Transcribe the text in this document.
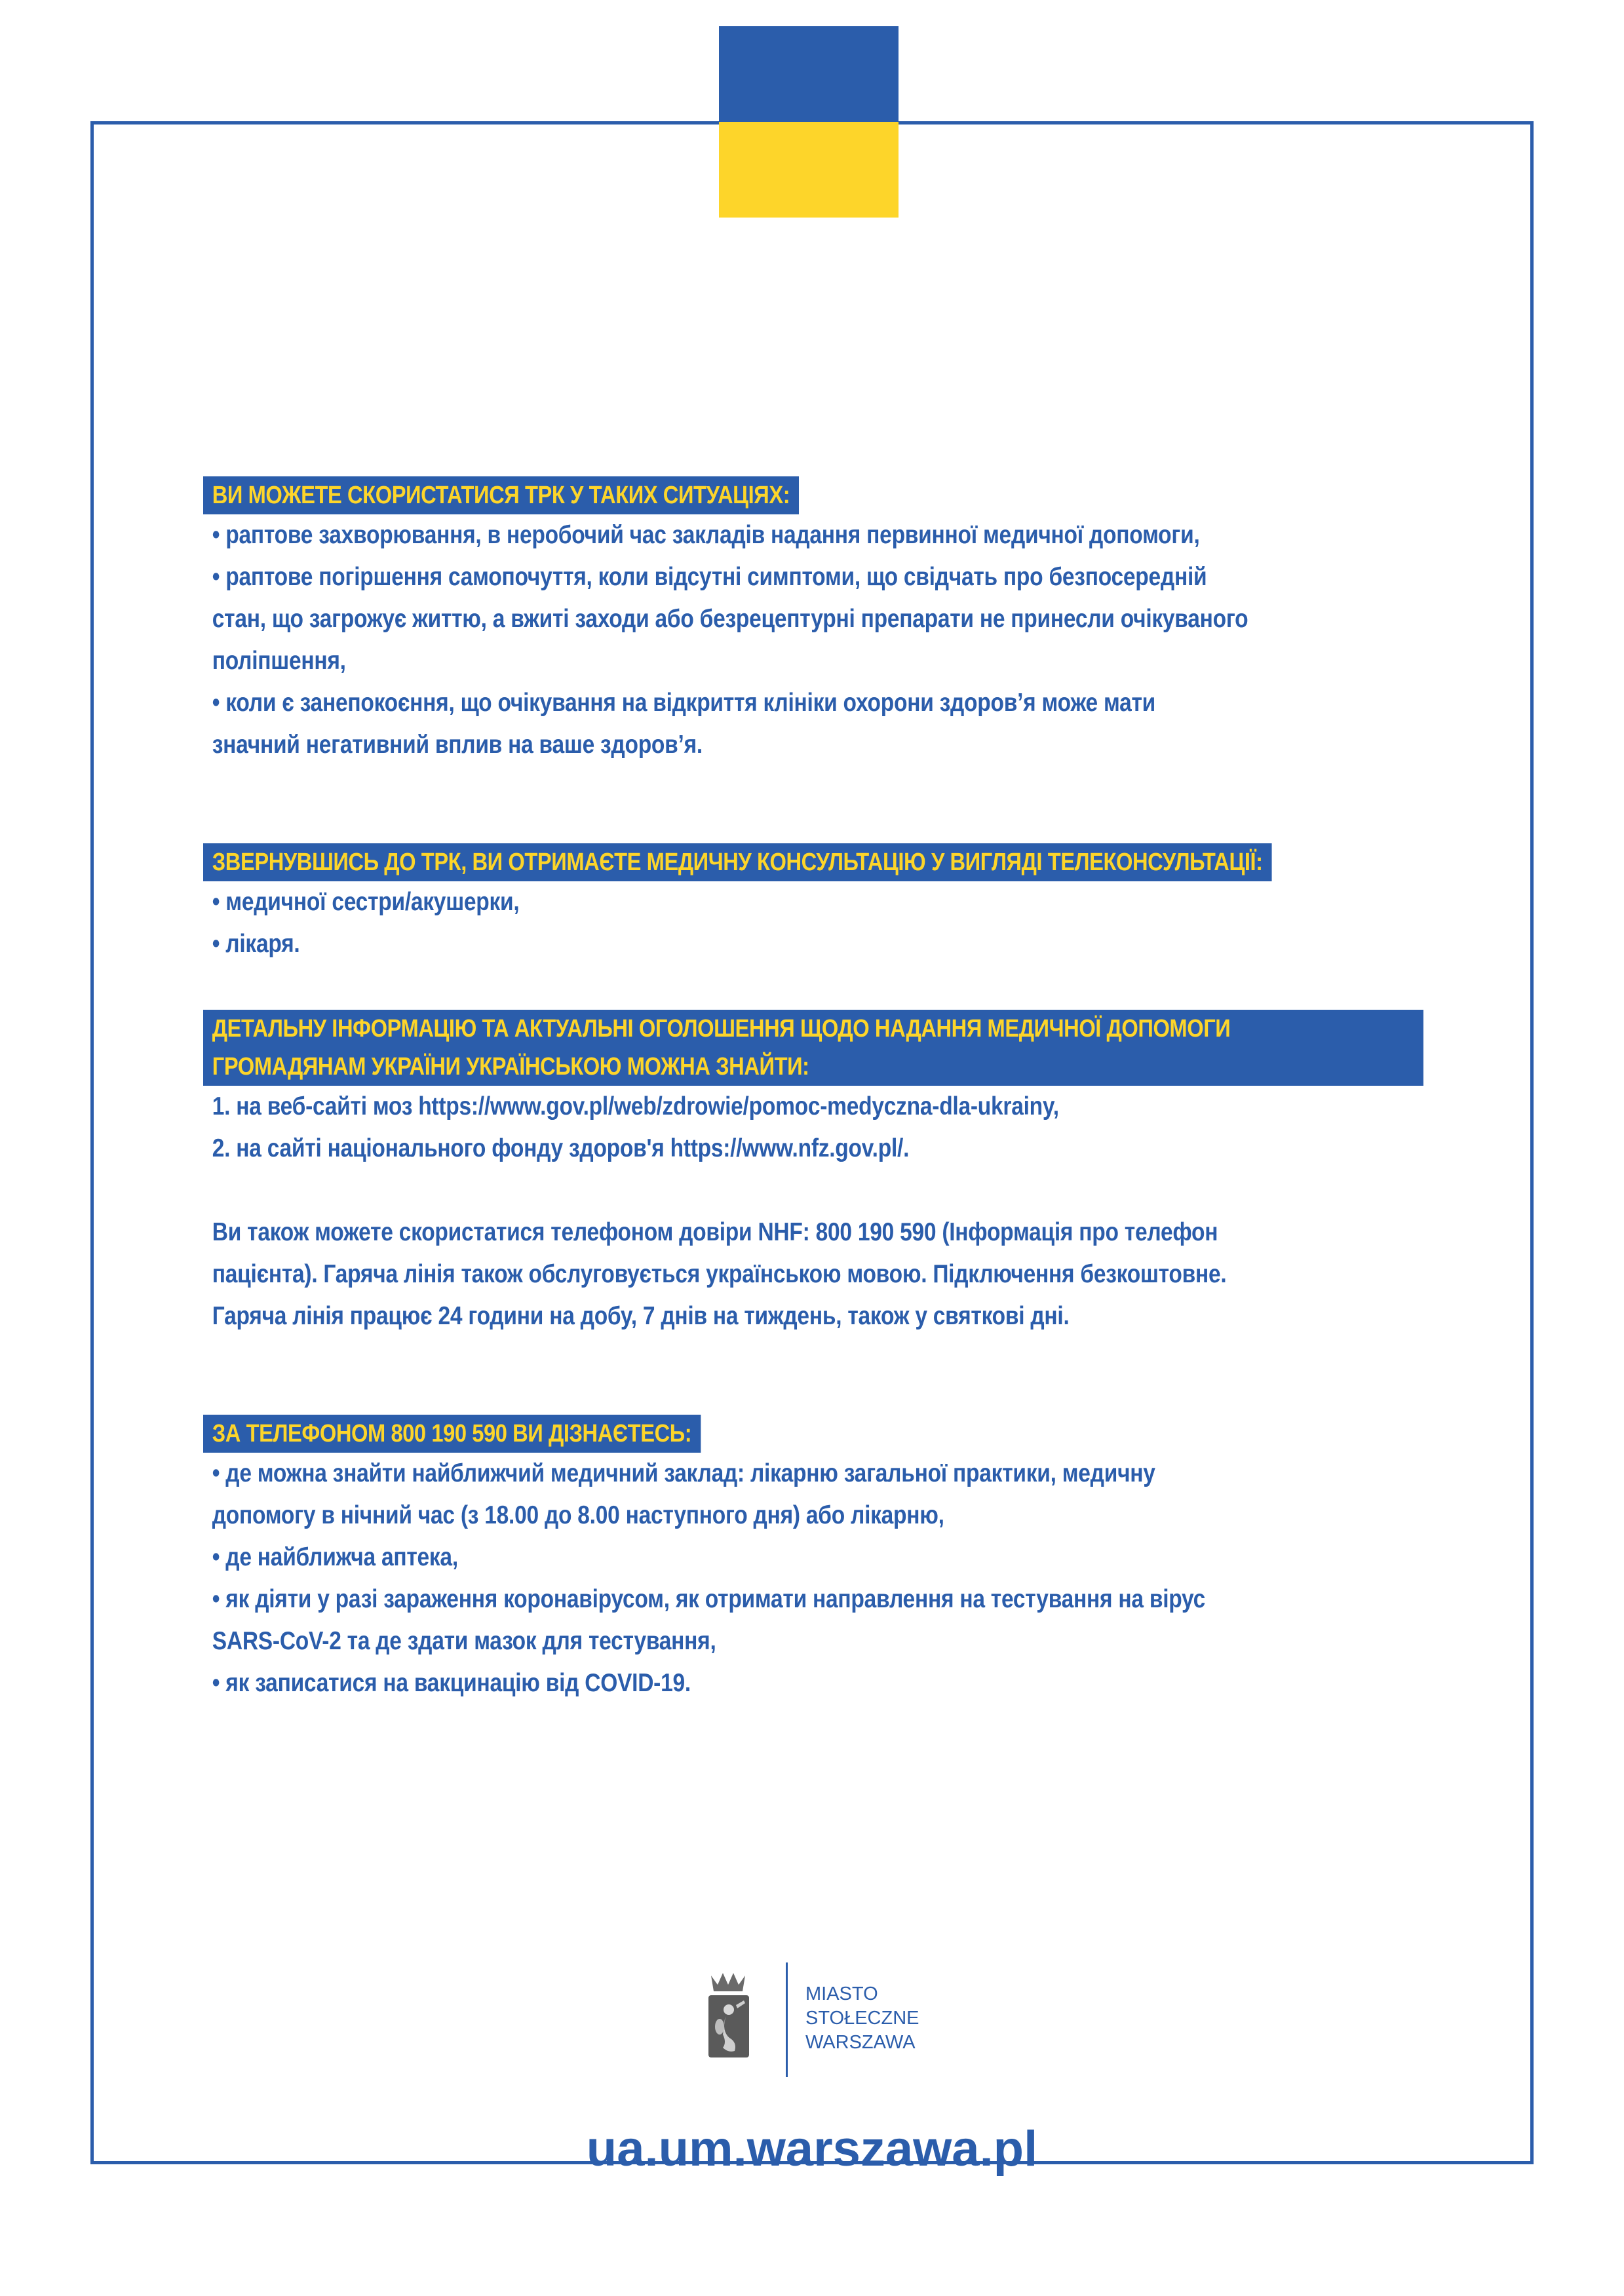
ВИ МОЖЕТЕ СКОРИСТАТИСЯ ТРК У ТАКИХ СИТУАЦІЯХ:
• раптове захворювання, в неробочий час закладів надання первинної медичної допомоги,
• раптове погіршення самопочуття, коли відсутні симптоми, що свідчать про безпосередній
стан, що загрожує життю, а вжиті заходи або безрецептурні препарати не принесли очікуваного
поліпшення,
• коли є занепокоєння, що очікування на відкриття клініки охорони здоров’я може мати
значний негативний вплив на ваше здоров’я.
ЗВЕРНУВШИСЬ ДО ТРК, ВИ ОТРИМАЄТЕ МЕДИЧНУ КОНСУЛЬТАЦІЮ У ВИГЛЯДІ ТЕЛЕКОНСУЛЬТАЦІЇ:
• медичної сестри/акушерки,
• лікаря.
ДЕТАЛЬНУ ІНФОРМАЦІЮ ТА АКТУАЛЬНІ ОГОЛОШЕННЯ ЩОДО НАДАННЯ МЕДИЧНОЇ ДОПОМОГИ
ГРОМАДЯНАМ УКРАЇНИ УКРАЇНСЬКОЮ МОЖНА ЗНАЙТИ:
1. на веб-сайті моз https://www.gov.pl/web/zdrowie/pomoc-medyczna-dla-ukrainy,
2. на сайті національного фонду здоров'я https://www.nfz.gov.pl/.
Ви також можете скористатися телефоном довіри NHF: 800 190 590 (Інформація про телефон
пацієнта). Гаряча лінія також обслуговується українською мовою. Підключення безкоштовне.
Гаряча лінія працює 24 години на добу, 7 днів на тиждень, також у святкові дні.
ЗА ТЕЛЕФОНОМ 800 190 590 ВИ ДІЗНАЄТЕСЬ:
• де можна знайти найближчий медичний заклад: лікарню загальної практики, медичну
допомогу в нічний час (з 18.00 до 8.00 наступного дня) або лікарню,
• де найближча аптека,
• як діяти у разі зараження коронавірусом, як отримати направлення на тестування на вірус
SARS-CoV-2 та де здати мазок для тестування,
• як записатися на вакцинацію від COVID-19.
MIASTO
STOŁECZNE
WARSZAWA
ua.um.warszawa.pl
